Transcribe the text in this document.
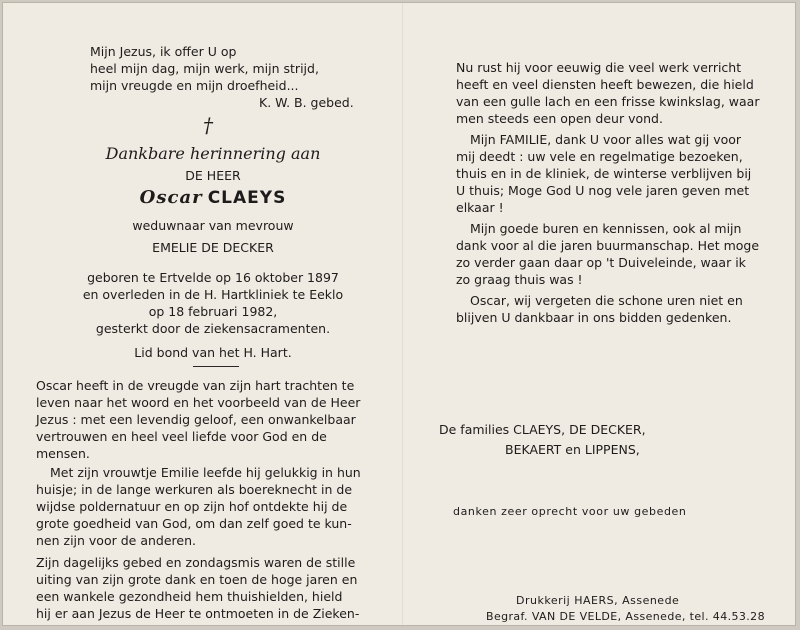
Mijn Jezus, ik offer U op

heel mijn dag, mijn werk, mijn strijd,

mijn vreugde en mijn droefheid...

K. W. B. gebed.

†

Dankbare herinnering aan

DE HEER

Oscar CLAEYS

weduwnaar van mevrouw

EMELIE DE DECKER

geboren te Ertvelde op 16 oktober 1897

en overleden in de H. Hartkliniek te Eeklo

op 18 februari 1982,

gesterkt door de ziekensacramenten.

Lid bond van het H. Hart.

Oscar heeft in de vreugde van zijn hart trachten te

leven naar het woord en het voorbeeld van de Heer

Jezus : met een levendig geloof, een onwankelbaar

vertrouwen en heel veel liefde voor God en de

mensen.

Met zijn vrouwtje Emilie leefde hij gelukkig in hun

huisje; in de lange werkuren als boereknecht in de

wijdse poldernatuur en op zijn hof ontdekte hij de

grote goedheid van God, om dan zelf goed te kun-

nen zijn voor de anderen.

Zijn dagelijks gebed en zondagsmis waren de stille

uiting van zijn grote dank en toen de hoge jaren en

een wankele gezondheid hem thuishielden, hield

hij er aan Jezus de Heer te ontmoeten in de Zieken-

Nu rust hij voor eeuwig die veel werk verricht

heeft en veel diensten heeft bewezen, die hield

van een gulle lach en een frisse kwinkslag, waar

men steeds een open deur vond.

Mijn FAMILIE, dank U voor alles wat gij voor

mij deedt : uw vele en regelmatige bezoeken,

thuis en in de kliniek, de winterse verblijven bij

U thuis; Moge God U nog vele jaren geven met

elkaar !

Mijn goede buren en kennissen, ook al mijn

dank voor al die jaren buurmanschap. Het moge

zo verder gaan daar op 't Duiveleinde, waar ik

zo graag thuis was !

Oscar, wij vergeten die schone uren niet en

blijven U dankbaar in ons bidden gedenken.

De families CLAEYS, DE DECKER,

BEKAERT en LIPPENS,

danken zeer oprecht voor uw gebeden

Drukkerij HAERS, Assenede

Begraf. VAN DE VELDE, Assenede, tel. 44.53.28
